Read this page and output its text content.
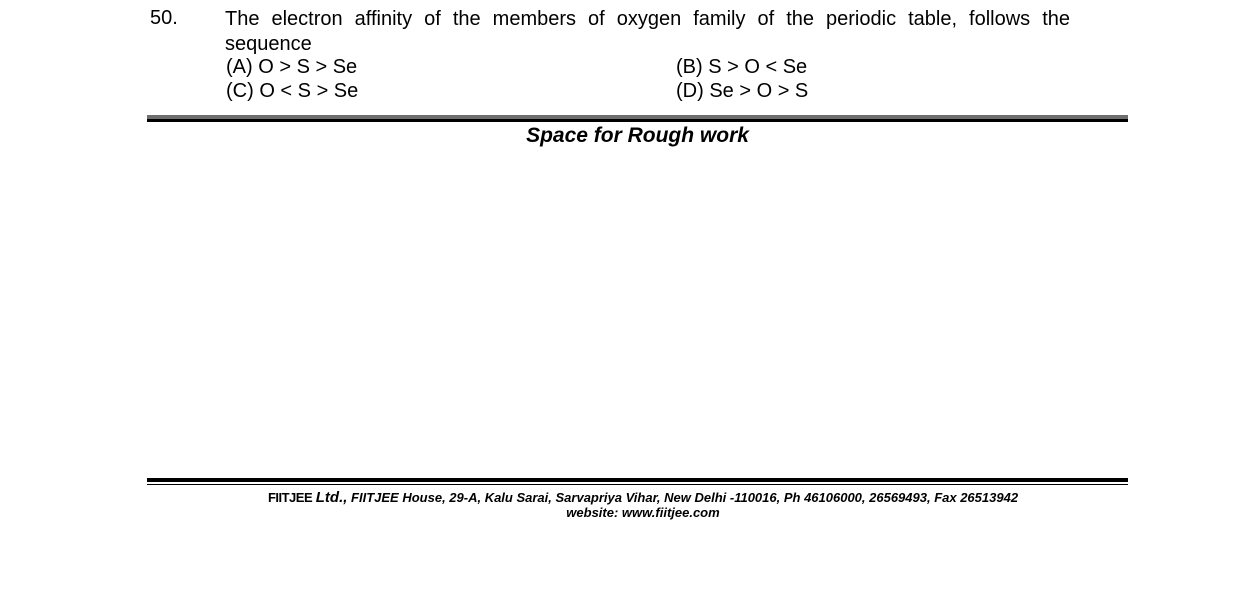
50. The electron affinity of the members of oxygen family of the periodic table, follows the sequence
(A) O > S > Se	(B) S > O < Se
(C) O < S > Se	(D) Se > O > S
Space for Rough work
FIITJEE Ltd., FIITJEE House, 29-A, Kalu Sarai, Sarvapriya Vihar, New Delhi -110016, Ph 46106000, 26569493, Fax 26513942
website: www.fiitjee.com
